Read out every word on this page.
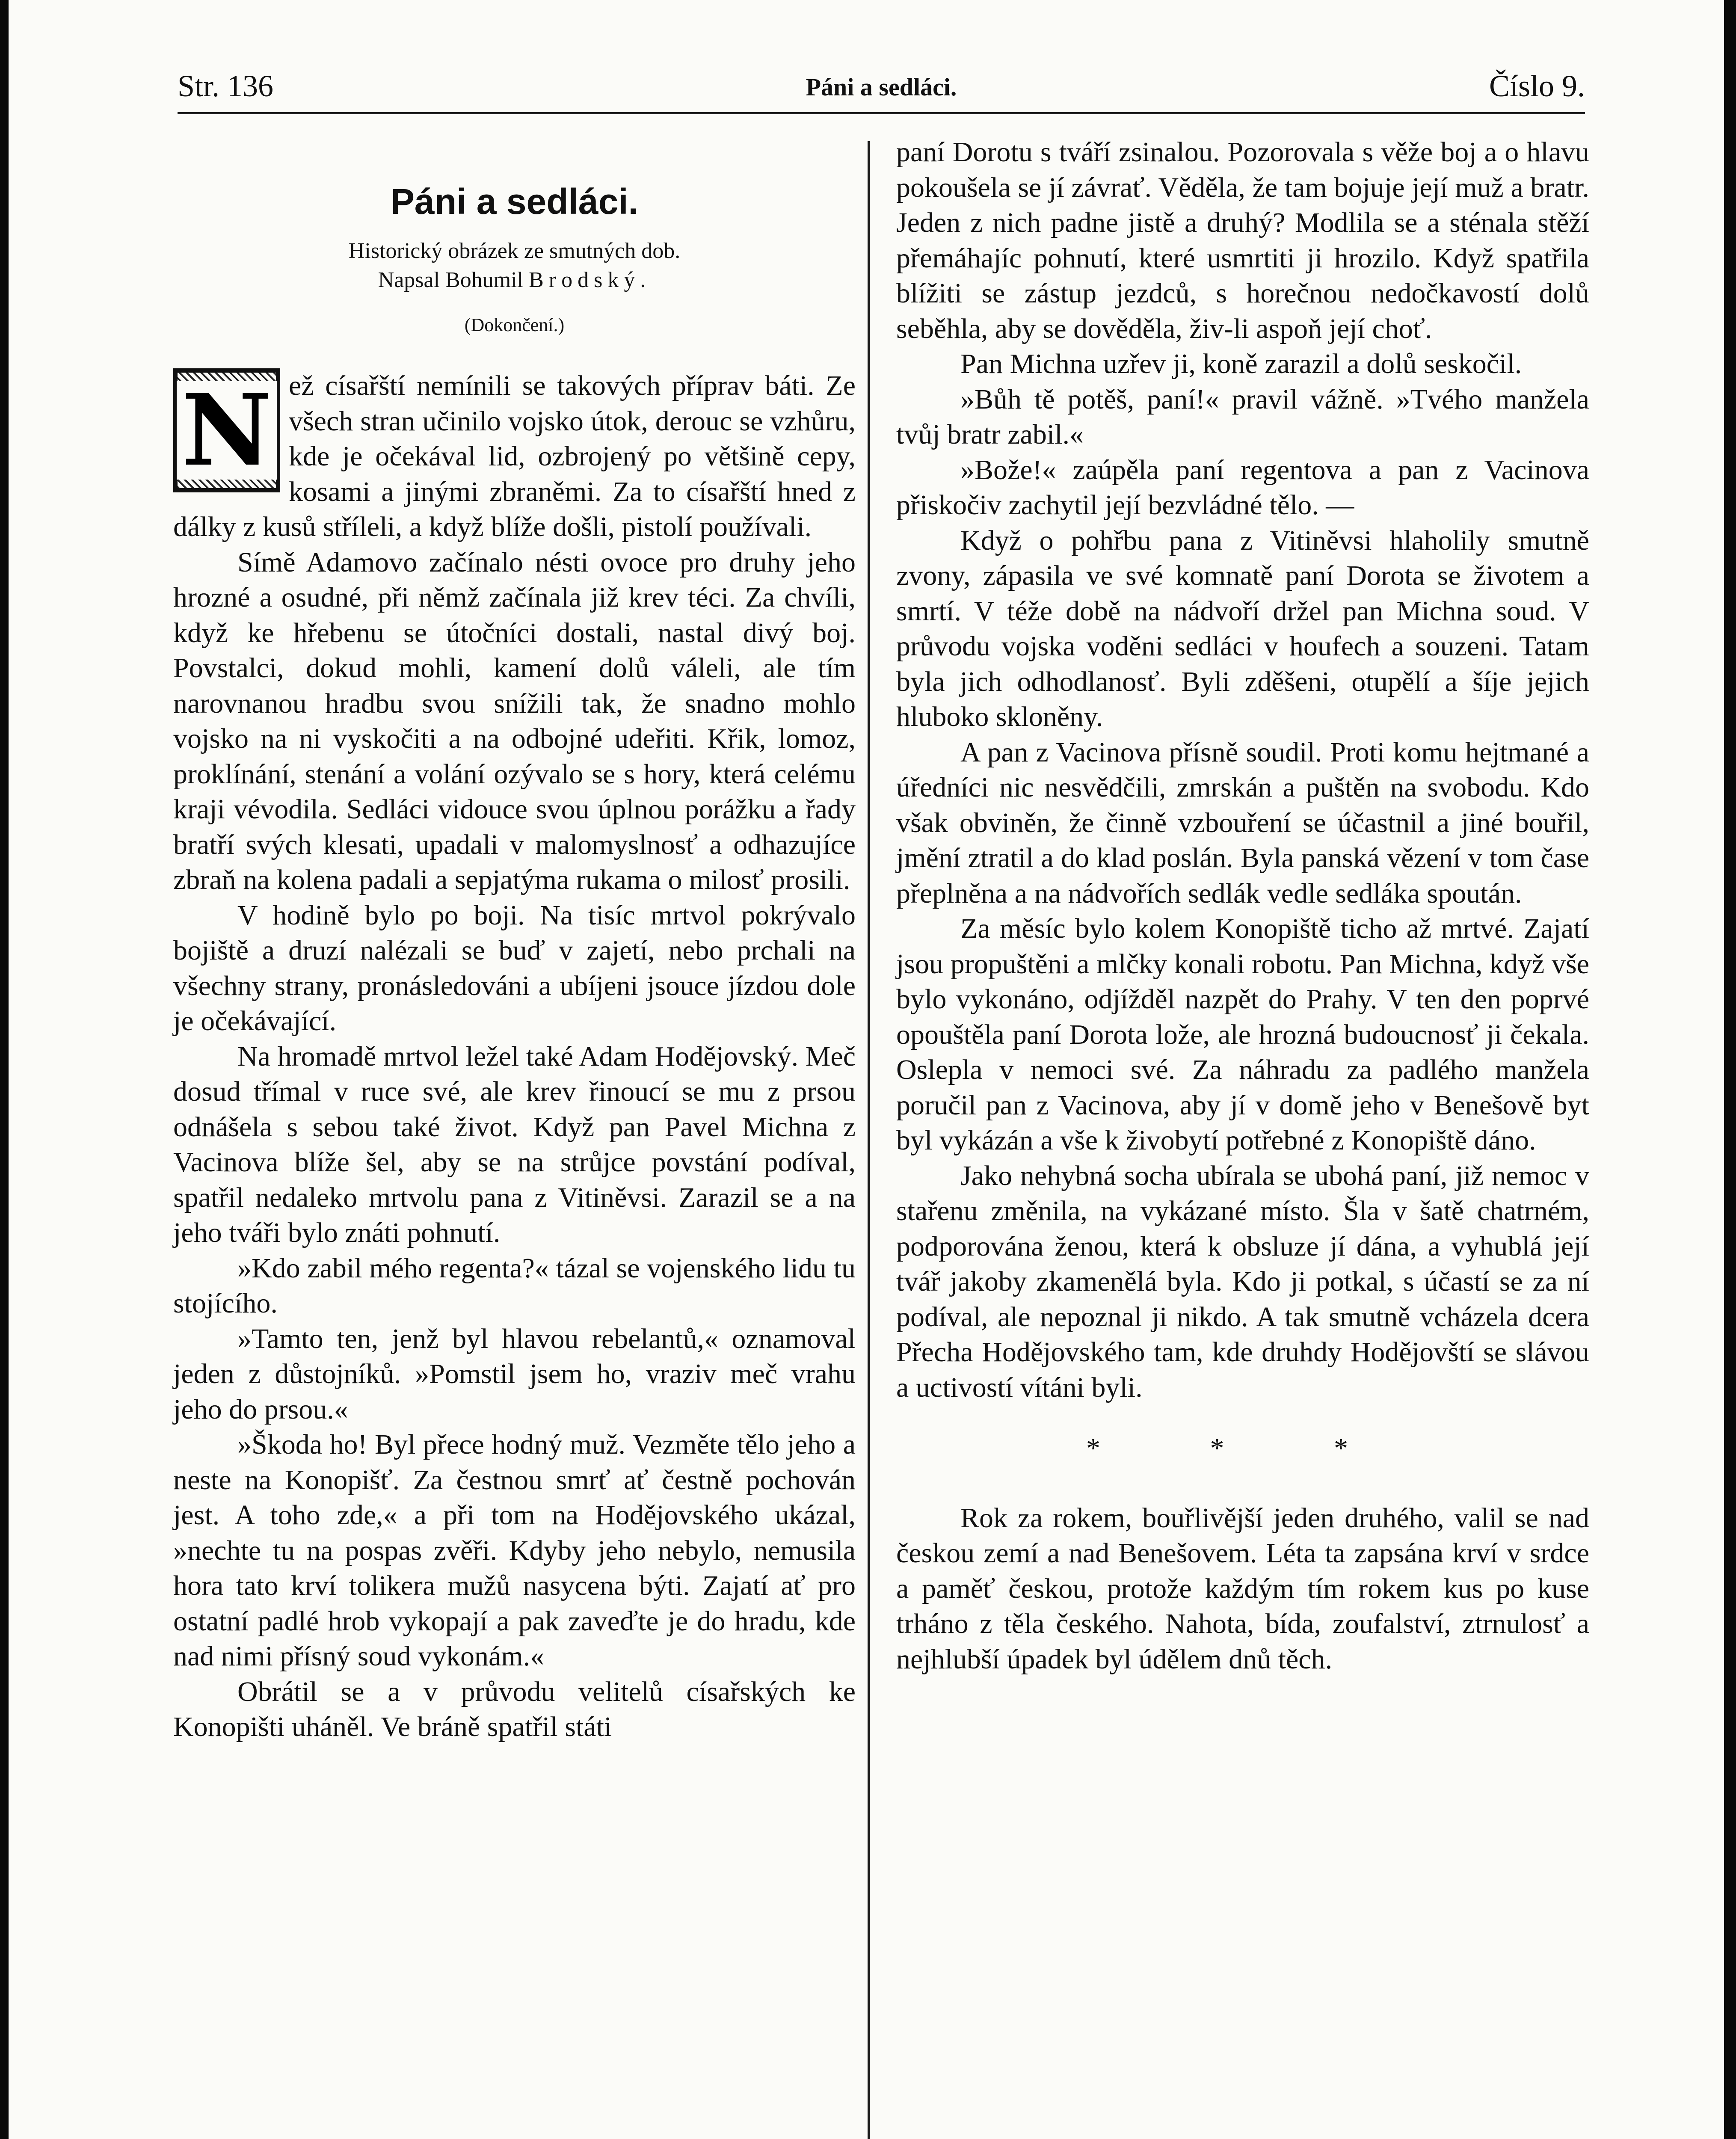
Str. 136	Páni a sedláci.	Číslo 9.
Páni a sedláci.
Historický obrázek ze smutných dob.
Napsal Bohumil Brodský.
(Dokončení.)
N ež císařští nemínili se takových příprav báti. Ze všech stran učinilo vojsko útok, derouc se vzhůru, kde je očekával lid, ozbrojený po většině cepy, kosami a jinými zbraněmi. Za to císařští hned z dálky z kusů stříleli, a když blíže došli, pistolí používali.

Símě Adamovo začínalo nésti ovoce pro druhy jeho hrozné a osudné, při němž začínala již krev téci. Za chvíli, když ke hřebenu se útočníci dostali, nastal divý boj. Povstalci, dokud mohli, kamení dolů váleli, ale tím narovnanou hradbu svou snížili tak, že snadno mohlo vojsko na ni vyskočiti a na odbojné udeřiti. Křik, lomoz, proklínání, stenání a volání ozývalo se s hory, která celému kraji vévodila. Sedláci vidouce svou úplnou porážku a řady bratří svých klesati, upadali v malomyslnosť a odhazujíce zbraň na kolena padali a sepjatýma rukama o milosť prosili.

V hodině bylo po boji. Na tisíc mrtvol pokrývalo bojiště a druzí nalézali se buď v zajetí, nebo prchali na všechny strany, pronásledováni a ubíjeni jsouce jízdou dole je očekávající.

Na hromadě mrtvol ležel také Adam Hodějovský. Meč dosud třímal v ruce své, ale krev řinoucí se mu z prsou odnášela s sebou také život. Když pan Pavel Michna z Vacinova blíže šel, aby se na strůjce povstání podíval, spatřil nedaleko mrtvolu pana z Vitiněvsi. Zarazil se a na jeho tváři bylo znáti pohnutí.

»Kdo zabil mého regenta?« tázal se vojenského lidu tu stojícího.

»Tamto ten, jenž byl hlavou rebelantů,« oznamoval jeden z důstojníků. »Pomstil jsem ho, vraziv meč vrahu jeho do prsou.«

»Škoda ho! Byl přece hodný muž. Vezměte tělo jeho a neste na Konopišť. Za čestnou smrť ať čestně pochován jest. A toho zde,« a při tom na Hodějovského ukázal, »nechte tu na pospas zvěři. Kdyby jeho nebylo, nemusila hora tato krví tolikera mužů nasycena býti. Zajatí ať pro ostatní padlé hrob vykopají a pak zaveďte je do hradu, kde nad nimi přísný soud vykonám.«

Obrátil se a v průvodu velitelů císařských ke Konopišti uháněl. Ve bráně spatřil státi

paní Dorotu s tváří zsinalou. Pozorovala s věže boj a o hlavu pokoušela se jí závrať. Věděla, že tam bojuje její muž a bratr. Jeden z nich padne jistě a druhý? Modlila se a sténala stěží přemáhajíc pohnutí, které usmrtiti ji hrozilo. Když spatřila blížiti se zástup jezdců, s horečnou nedočkavostí dolů seběhla, aby se dověděla, živ-li aspoň její choť.

Pan Michna uzřev ji, koně zarazil a dolů seskočil.

»Bůh tě potěš, paní!« pravil vážně. »Tvého manžela tvůj bratr zabil.«

»Bože!« zaúpěla paní regentova a pan z Vacinova přiskočiv zachytil její bezvládné tělo. —

Když o pohřbu pana z Vitiněvsi hlaholily smutně zvony, zápasila ve své komnatě paní Dorota se životem a smrtí. V téže době na nádvoří držel pan Michna soud. V průvodu vojska voděni sedláci v houfech a souzeni. Tatam byla jich odhodlanosť. Byli zděšeni, otupělí a šíje jejich hluboko skloněny.

A pan z Vacinova přísně soudil. Proti komu hejtmané a úředníci nic nesvědčili, zmrskán a puštěn na svobodu. Kdo však obviněn, že činně vzbouření se účastnil a jiné bouřil, jmění ztratil a do klad poslán. Byla panská vězení v tom čase přeplněna a na nádvořích sedlák vedle sedláka spoután.

Za měsíc bylo kolem Konopiště ticho až mrtvé. Zajatí jsou propuštěni a mlčky konali robotu. Pan Michna, když vše bylo vykonáno, odjížděl nazpět do Prahy. V ten den poprvé opouštěla paní Dorota lože, ale hrozná budoucnosť ji čekala. Oslepla v nemoci své. Za náhradu za padlého manžela poručil pan z Vacinova, aby jí v domě jeho v Benešově byt byl vykázán a vše k živobytí potřebné z Konopiště dáno.

Jako nehybná socha ubírala se ubohá paní, již nemoc v stařenu změnila, na vykázané místo. Šla v šatě chatrném, podporována ženou, která k obsluze jí dána, a vyhublá její tvář jakoby zkamenělá byla. Kdo ji potkal, s účastí se za ní podíval, ale nepoznal ji nikdo. A tak smutně vcházela dcera Přecha Hodějovského tam, kde druhdy Hodějovští se slávou a uctivostí vítáni byli.

* * *

Rok za rokem, bouřlivější jeden druhého, valil se nad českou zemí a nad Benešovem. Léta ta zapsána krví v srdce a paměť českou, protože každým tím rokem kus po kuse trháno z těla českého. Nahota, bída, zoufalství, ztrnulosť a nejhlubší úpadek byl údělem dnů těch.
